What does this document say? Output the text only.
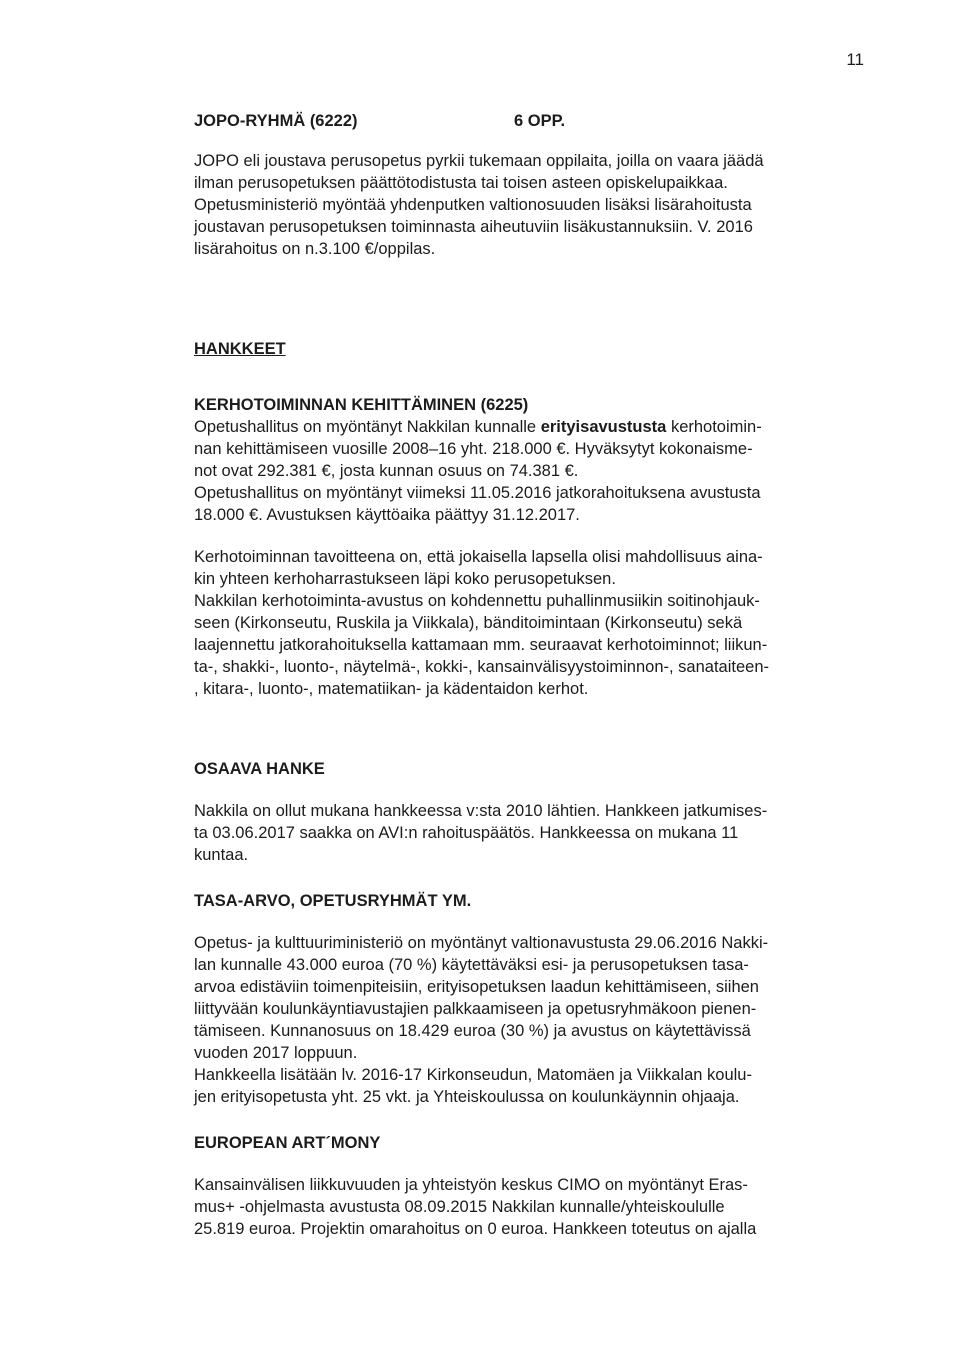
11
JOPO-RYHMÄ (6222)	6 OPP.

JOPO eli joustava perusopetus pyrkii tukemaan oppilaita, joilla on vaara jäädä
ilman perusopetuksen päättötodistusta tai toisen asteen opiskelupaikkaa.
Opetusministeriö myöntää yhdenputken valtionosuuden lisäksi lisärahoitusta
joustavan perusopetuksen toiminnasta aiheutuviin lisäkustannuksiin. V. 2016
lisärahoitus on n.3.100 €/oppilas.

HANKKEET

KERHOTOIMINNAN KEHITTÄMINEN (6225)

Opetushallitus on myöntänyt Nakkilan kunnalle erityisavustusta kerhotoimin-
nan kehittämiseen vuosille 2008–16 yht. 218.000 €. Hyväksytyt kokonaisme-
not ovat 292.381 €, josta kunnan osuus on 74.381 €.
Opetushallitus on myöntänyt viimeksi 11.05.2016 jatkorahoituksena avustusta
18.000 €. Avustuksen käyttöaika päättyy 31.12.2017.

Kerhotoiminnan tavoitteena on, että jokaisella lapsella olisi mahdollisuus aina-
kin yhteen kerhoharrastukseen läpi koko perusopetuksen.
Nakkilan kerhotoiminta-avustus on kohdennettu puhallinmusiikin soitinohjauk-
seen (Kirkonseutu, Ruskila ja Viikkala), bänditoimintaan (Kirkonseutu) sekä
laajennettu jatkorahoituksella kattamaan mm. seuraavat kerhotoiminnot; liikun-
ta-, shakki-, luonto-, näytelmä-, kokki-, kansainvälisyystoiminnon-, sanataiteen-
, kitara-, luonto-, matematiikan- ja kädentaidon kerhot.

OSAAVA HANKE

Nakkila on ollut mukana hankkeessa v:sta 2010 lähtien. Hankkeen jatkumises-
ta 03.06.2017 saakka on AVI:n rahoituspäätös. Hankkeessa on mukana 11
kuntaa.

TASA-ARVO, OPETUSRYHMÄT YM.

Opetus- ja kulttuuriministeriö on myöntänyt valtionavustusta 29.06.2016 Nakki-
lan kunnalle 43.000 euroa (70 %) käytettäväksi esi- ja perusopetuksen tasa-
arvoa edistäviin toimenpiteisiin, erityisopetuksen laadun kehittämiseen, siihen
liittyvään koulunkäyntiavustajien palkkaamiseen ja opetusryhmäkoon pienen-
tämiseen. Kunnanosuus on 18.429 euroa (30 %) ja avustus on käytettävissä
vuoden 2017 loppuun.
Hankkeella lisätään lv. 2016-17 Kirkonseudun, Matomäen ja Viikkalan koulu-
jen erityisopetusta yht. 25 vkt. ja Yhteiskoulussa on koulunkäynnin ohjaaja.

EUROPEAN ART´MONY

Kansainvälisen liikkuvuuden ja yhteistyön keskus CIMO on myöntänyt Eras-
mus+ -ohjelmasta avustusta 08.09.2015 Nakkilan kunnalle/yhteiskoululle
25.819 euroa. Projektin omarahoitus on 0 euroa. Hankkeen toteutus on ajalla
